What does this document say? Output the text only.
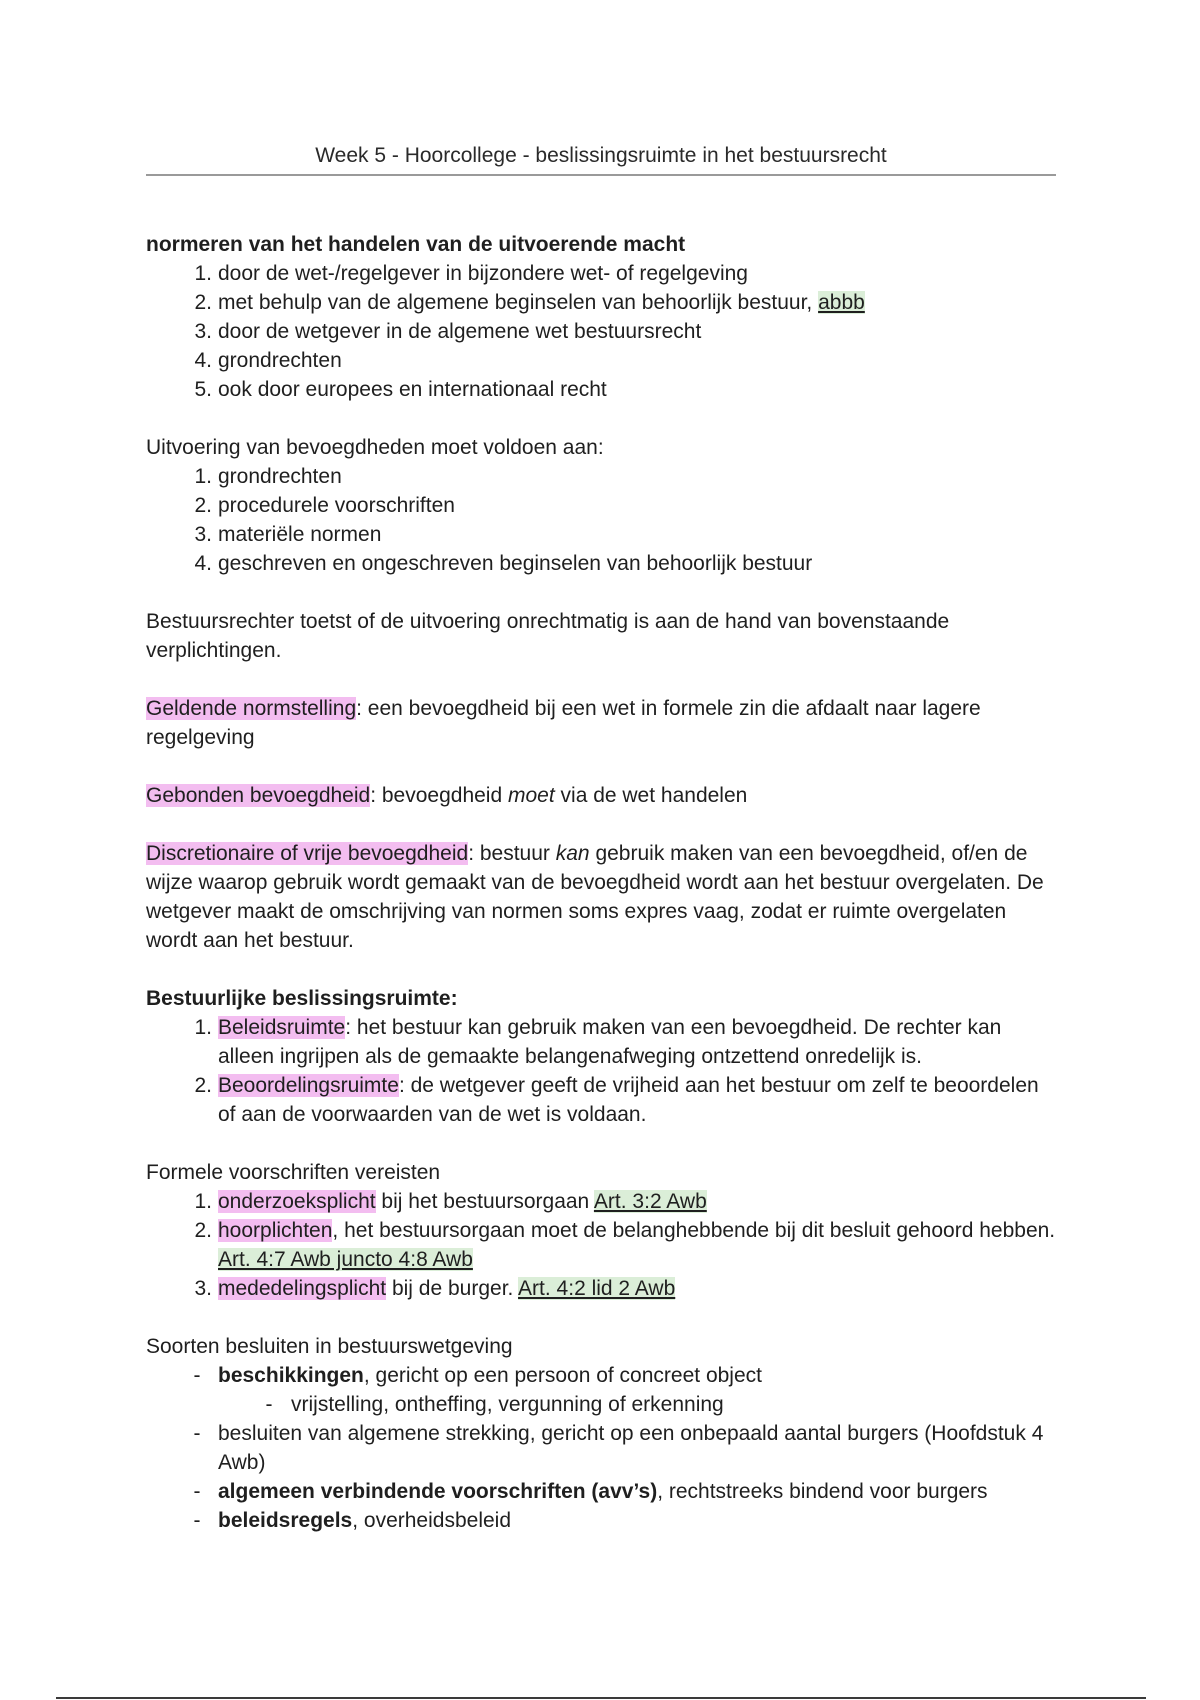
Week 5 - Hoorcollege - beslissingsruimte in het bestuursrecht
normeren van het handelen van de uitvoerende macht
1. door de wet-/regelgever in bijzondere wet- of regelgeving
2. met behulp van de algemene beginselen van behoorlijk bestuur, abbb
3. door de wetgever in de algemene wet bestuursrecht
4. grondrechten
5. ook door europees en internationaal recht
Uitvoering van bevoegdheden moet voldoen aan:
1. grondrechten
2. procedurele voorschriften
3. materiële normen
4. geschreven en ongeschreven beginselen van behoorlijk bestuur
Bestuursrechter toetst of de uitvoering onrechtmatig is aan de hand van bovenstaande verplichtingen.
Geldende normstelling: een bevoegdheid bij een wet in formele zin die afdaalt naar lagere regelgeving
Gebonden bevoegdheid: bevoegdheid moet via de wet handelen
Discretionaire of vrije bevoegdheid: bestuur kan gebruik maken van een bevoegdheid, of/en de wijze waarop gebruik wordt gemaakt van de bevoegdheid wordt aan het bestuur overgelaten. De wetgever maakt de omschrijving van normen soms expres vaag, zodat er ruimte overgelaten wordt aan het bestuur.
Bestuurlijke beslissingsruimte:
1. Beleidsruimte: het bestuur kan gebruik maken van een bevoegdheid. De rechter kan alleen ingrijpen als de gemaakte belangenafweging ontzettend onredelijk is.
2. Beoordelingsruimte: de wetgever geeft de vrijheid aan het bestuur om zelf te beoordelen of aan de voorwaarden van de wet is voldaan.
Formele voorschriften vereisten
1. onderzoeksplicht bij het bestuursorgaan Art. 3:2 Awb
2. hoorplichten, het bestuursorgaan moet de belanghebbende bij dit besluit gehoord hebben. Art. 4:7 Awb juncto 4:8 Awb
3. mededelingsplicht bij de burger. Art. 4:2 lid 2 Awb
Soorten besluiten in bestuurswetgeving
- beschikkingen, gericht op een persoon of concreet object
- vrijstelling, ontheffing, vergunning of erkenning
- besluiten van algemene strekking, gericht op een onbepaald aantal burgers (Hoofdstuk 4 Awb)
- algemeen verbindende voorschriften (avv’s), rechtstreeks bindend voor burgers
- beleidsregels, overheidsbeleid
